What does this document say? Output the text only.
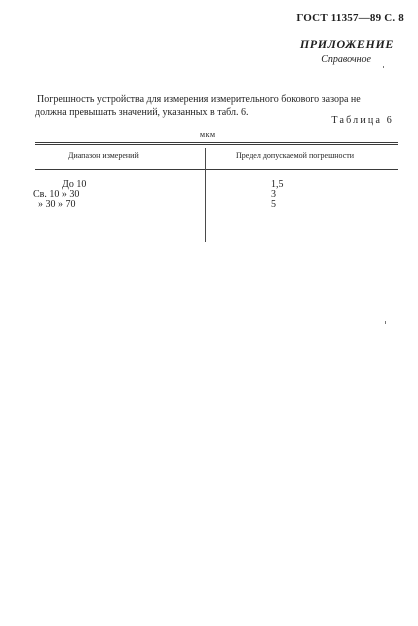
ГОСТ 11357—89 С. 8
ПРИЛОЖЕНИЕ
Справочное
Погрешность устройства для измерения измерительного бокового зазора не
должна превышать значений, указанных в табл. 6.
Таблица 6
мкм
Диапазон измерений	Предел допускаемой погрешности
До 10
Св. 10 » 30
» 30 » 70
1,5
3
5
